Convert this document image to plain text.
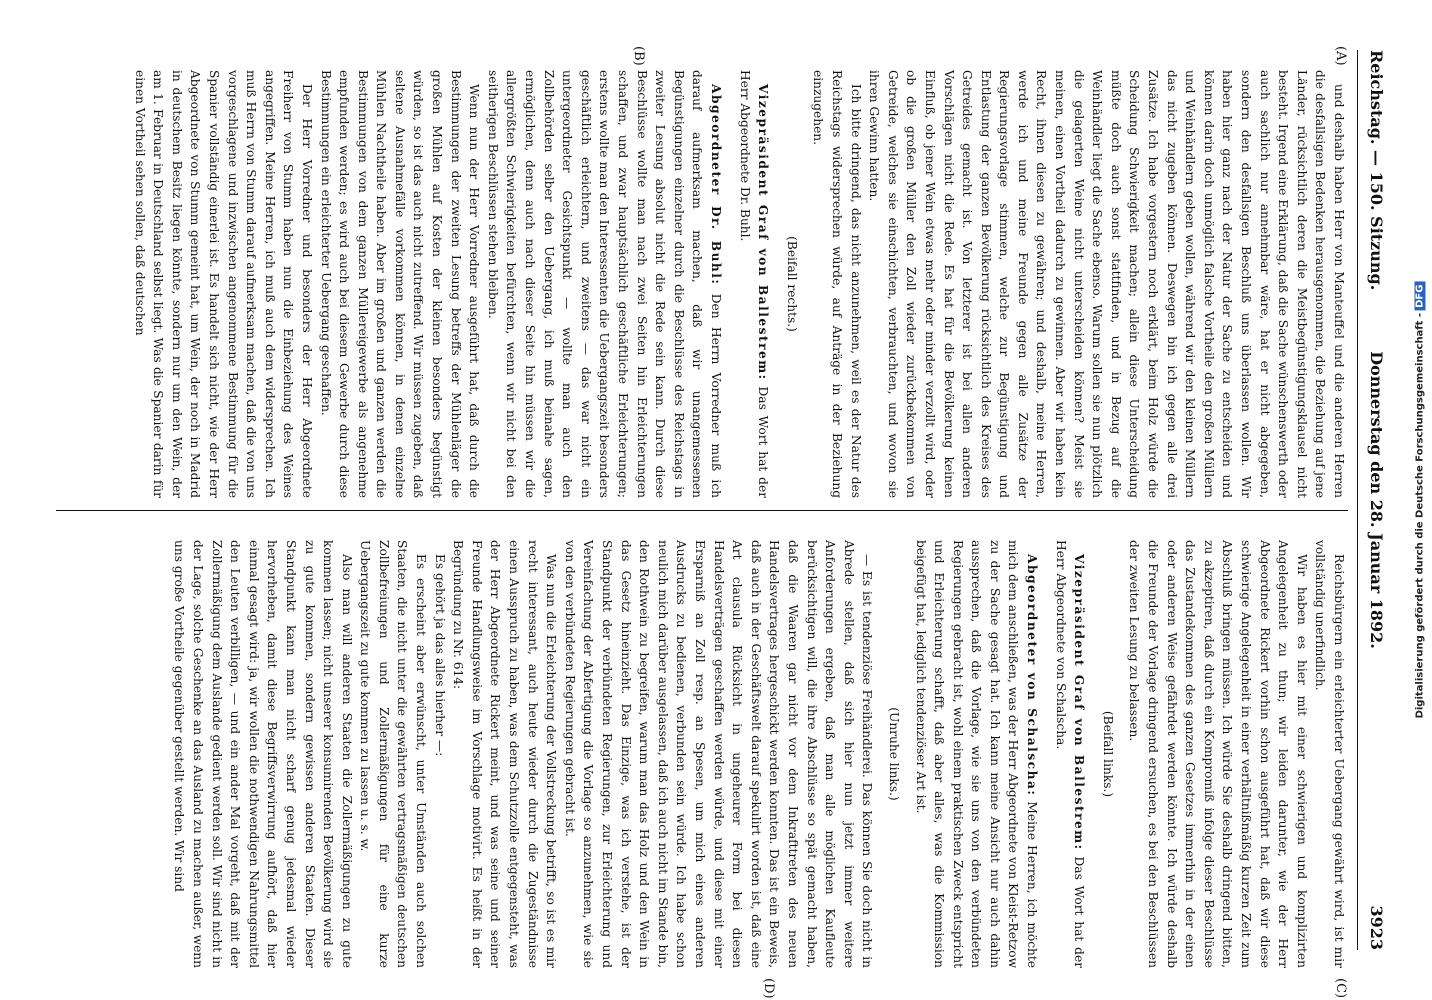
Reichstag. — 150. Sitzung.
Donnerstag den 28. Januar 1892.
3923
(A)
(B)
(C)
(D)

und deshalb haben Herr von Manteuffel und die anderen Herren die desfallsigen Bedenken herausgenommen, die Beziehung auf jene Länder, rücksichtlich deren die Meistbegünstigungsklausel nicht besteht. Irgend eine Erklärung, daß die Sache wünschenswerth oder auch sachlich nur annehmbar wäre, hat er nicht abgegeben, sondern den desfallsigen Beschluß uns überlassen wollen. Wir haben hier ganz nach der Natur der Sache zu entscheiden und können darin doch unmöglich falsche Vortheile den großen Müllern und Weinhändlern geben wollen, während wir den kleinen Müllern das nicht zugeben können. Deswegen bin ich gegen alle drei Zusätze. Ich habe vorgestern noch erklärt, beim Holz würde die Scheidung Schwierigkeit machen; allein diese Unterscheidung müßte doch auch sonst stattfinden, und in Bezug auf die Weinhändler liegt die Sache ebenso. Warum sollen sie nun plötzlich die gelagerten Weine nicht unterscheiden können? Meist sie meinen, einen Vortheil dadurch zu gewinnen. Aber wir haben kein Recht, ihnen diesen zu gewähren; und deshalb, meine Herren, werde ich und meine Freunde gegen alle Zusätze der Regierungsvorlage stimmen, welche zur Begünstigung und Entlastung der ganzen Bevölkerung rücksichtlich des Kreises des Getreides gemacht ist. Von letzterer ist bei allen anderen Vorschlägen nicht die Rede. Es hat für die Bevölkerung keinen Einfluß, ob jener Wein etwas mehr oder minder verzollt wird, oder ob die großen Müller den Zoll wieder zurückbekommen von Getreide, welches sie einschichten, verbrauchten, und wovon sie ihren Gewinn hatten.

Ich bitte dringend, das nicht anzunehmen, weil es der Natur des Reichstags widersprechen würde, auf Anträge in der Beziehung einzugehen.

(Beifall rechts.)

Vizepräsident Graf von Ballestrem: Das Wort hat der Herr Abgeordnete Dr. Buhl.

Abgeordneter Dr. Buhl: Den Herrn Vorredner muß ich darauf aufmerksam machen, daß wir unangemessenen Begünstigungen einzelner durch die Beschlüsse des Reichstags in zweiter Lesung absolut nicht die Rede sein kann. Durch diese Beschlüsse wollte man nach zwei Seiten hin Erleichterungen schaffen, und zwar hauptsächlich geschäftliche Erleichterungen; erstens wollte man den Interessenten die Uebergangszeit besonders geschäftlich erleichtern, und zweitens — das war nicht ein untergeordneter Gesichtspunkt — wollte man auch den Zollbehörden selber den Uebergang, ich muß beinahe sagen, ermöglichen, denn auch nach dieser Seite hin müssen wir die allergrößten Schwierigkeiten befürchten, wenn wir nicht bei den seitherigen Beschlüssen stehen bleiben.

Wenn nun der Herr Vorredner ausgeführt hat, daß durch die Bestimmungen der zweiten Lesung betreffs der Mühlenläger die großen Mühlen auf Kosten der kleinen besonders begünstigt würden, so ist das auch nicht zutreffend. Wir müssen zugeben, daß seltene Ausnahmefälle vorkommen können, in denen einzelne Mühlen Nachtheile haben. Aber im großen und ganzen werden die Bestimmungen von dem ganzen Müllereigewerbe als angenehme empfunden werden; es wird auch bei diesem Gewerbe durch diese Bestimmungen ein erleichterter Uebergang geschaffen.

Der Herr Vorredner und besonders der Herr Abgeordnete Freiherr von Stumm haben nun die Einbeziehung des Weines angegriffen. Meine Herren, ich muß auch dem widersprechen. Ich muß Herrn von Stumm darauf aufmerksam machen, daß die von uns vorgeschlagene und inzwischen angenommene Bestimmung für die Spanier vollständig einerlei ist. Es handelt sich nicht, wie der Herr Abgeordnete von Stumm gemeint hat, um Wein, der noch in Madrid in deutschem Besitz liegen könnte, sondern nur um den Wein, der am 1. Februar in Deutschland selbst liegt. Was die Spanier darin für einen Vortheil sehen sollen, daß deutschen

Reichsbürgern ein erleichterter Uebergang gewährt wird, ist mir vollständig unerfindlich.

Wir haben es hier mit einer schwierigen und komplizirten Angelegenheit zu thun; wir leiden darunter, wie der Herr Abgeordnete Rickert vorhin schon ausgeführt hat, daß wir diese schwierige Angelegenheit in einer verhältnißmäßig kurzen Zeit zum Abschluß bringen müssen. Ich würde Sie deshalb dringend bitten, zu akzeptiren, daß durch ein Kompromiß infolge dieser Beschlüsse das Zustandekommen des ganzen Gesetzes immerhin in der einen oder anderen Weise gefährdet werden könnte. Ich würde deshalb die Freunde der Vorlage dringend ersuchen, es bei den Beschlüssen der zweiten Lesung zu belassen.

(Beifall links.)

Vizepräsident Graf von Ballestrem: Das Wort hat der Herr Abgeordnete von Schalscha.

Abgeordneter von Schalscha: Meine Herren, ich möchte mich dem anschließen, was der Herr Abgeordnete von Kleist-Retzow zu der Sache gesagt hat. Ich kann meine Ansicht nur auch dahin aussprechen, daß die Vorlage, wie sie uns von den verbündeten Regierungen gebracht ist, wohl einem praktischen Zweck entspricht und Erleichterung schafft, daß aber alles, was die Kommission beigefügt hat, lediglich tendenziöser Art ist.

(Unruhe links.)

— Es ist tendenziöse Freihändlerei. Das können Sie doch nicht in Abrede stellen, daß sich hier nun jetzt immer weitere Anforderungen ergeben, daß man alle möglichen Kaufleute berücksichtigen will, die ihre Abschlüsse so spät gemacht haben, daß die Waaren gar nicht vor dem Inkrafttreten des neuen Handelsvertrages hergeschickt werden konnten. Das ist ein Beweis, daß auch in der Geschäftswelt darauf spekulirt worden ist, daß eine Art clausula Rücksicht in ungeheurer Form bei diesen Handelsverträgen geschaffen werden würde, und diese mit einer Ersparniß an Zoll resp. an Spesen, um mich eines anderen Ausdrucks zu bedienen, verbunden sein würde. Ich habe schon neulich mich darüber ausgelassen, daß ich auch nicht im Stande bin, den Rothwein zu begreifen, warum man das Holz und den Wein in das Gesetz hineinzieht. Das Einzige, was ich verstehe, ist der Standpunkt der verbündeten Regierungen, zur Erleichterung und Vereinfachung der Abfertigung die Vorlage so anzunehmen, wie sie von den verbündeten Regierungen gebracht ist.

Was nun die Erleichterung der Vollstreckung betrifft, so ist es mir recht interessant, auch heute wieder durch die Zugeständnisse einen Ausspruch zu haben, was dem Schutzzolle entgegensteht, was der Herr Abgeordnete Rickert meint, und was seine und seiner Freunde Handlungsweise im Vorschlage motivirt. Es heißt in der Begründung zu Nr. 614:

Es gehört ja das alles hierher —:

Es erscheint aber erwünscht, unter Umständen auch solchen Staaten, die nicht unter die gewährten vertragsmäßigen deutschen Zollbefreiungen und Zollermäßigungen für eine kurze Uebergangszeit zu gute kommen zu lassen u. s. w.

Also man will anderen Staaten die Zollermäßigungen zu gute kommen lassen; nicht unserer konsumirenden Bevölkerung wird sie zu gute kommen, sondern gewissen anderen Staaten. Dieser Standpunkt kann man nicht scharf genug jedesmal wieder hervorheben, damit diese Begriffsverwirrung aufhört, daß hier einmal gesagt wird: ja, wir wollen die nothwendigen Nahrungsmittel den Leuten verbilligen, — und ein ander Mal vorgeht, daß mit der Zollermäßigung dem Auslande gedient werden soll. Wir sind nicht in der Lage, solche Geschenke an das Ausland zu machen außer, wenn uns große Vortheile gegenüber gestellt werden. Wir sind	Digitalisierung gefördert durch die Deutsche Forschungsgemeinschaft -DFG
